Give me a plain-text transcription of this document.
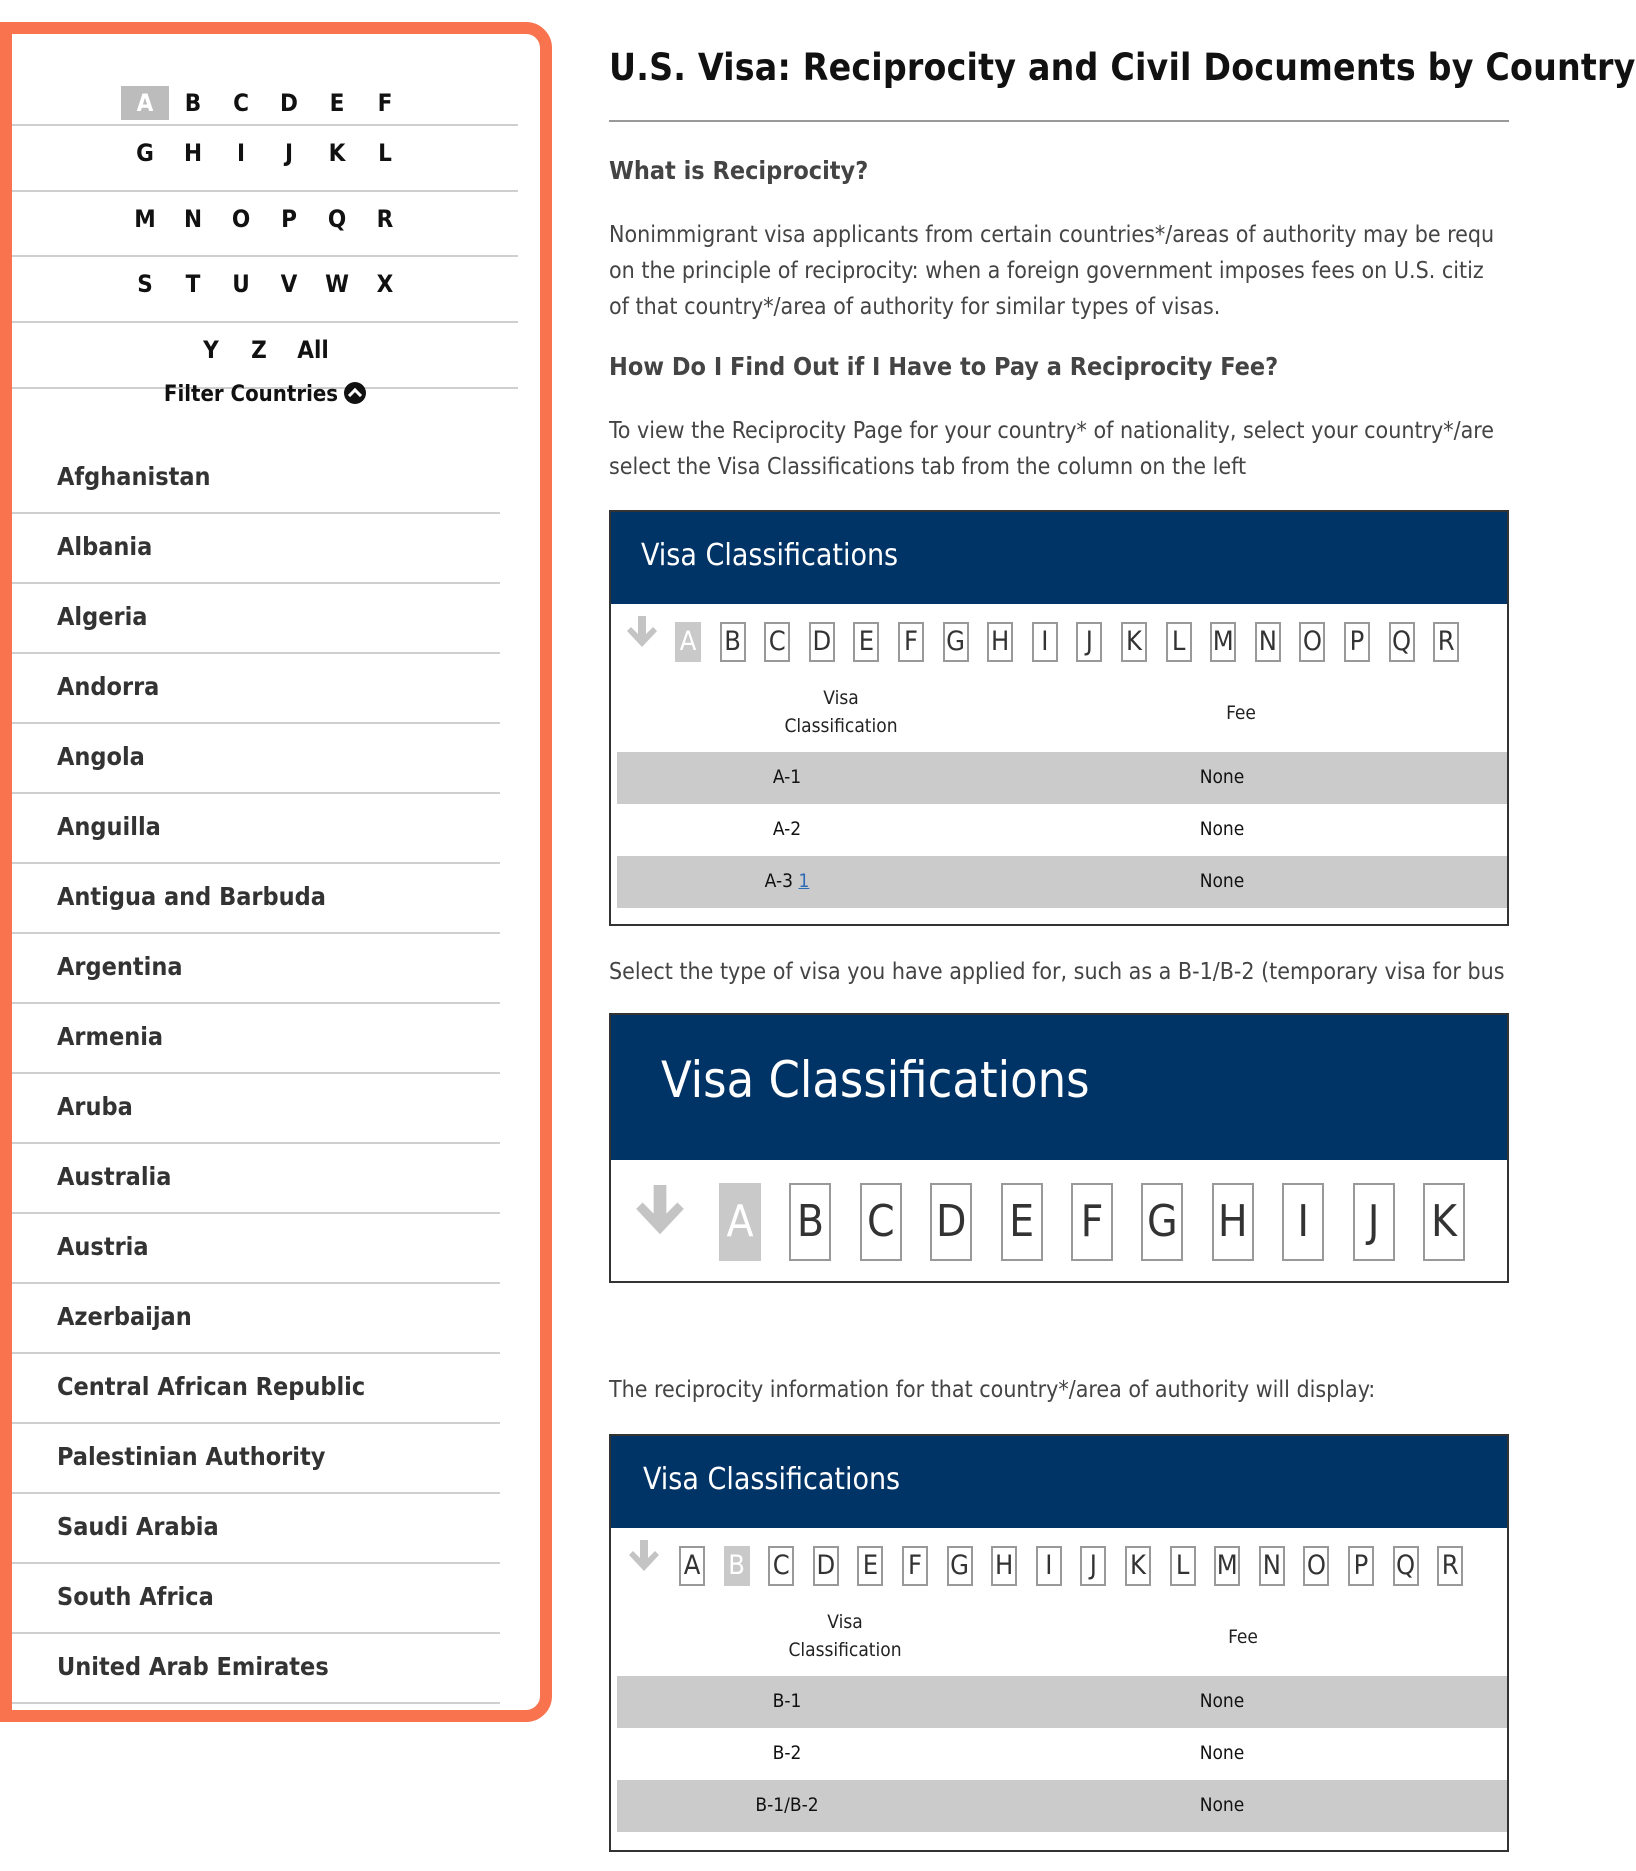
A	B	C	D	E	F
G	H	I	J	K	L
M	N	O	P	Q	R
S	T	U	V	W	X
Y	Z	All
Filter Countries
Afghanistan
Albania
Algeria
Andorra
Angola
Anguilla
Antigua and Barbuda
Argentina
Armenia
Aruba
Australia
Austria
Azerbaijan
Central African Republic
Palestinian Authority
Saudi Arabia
South Africa
United Arab Emirates
U.S. Visa: Reciprocity and Civil Documents by Country
What is Reciprocity?
Nonimmigrant visa applicants from certain countries*/areas of authority may be requ
on the principle of reciprocity: when a foreign government imposes fees on U.S. citiz
of that country*/area of authority for similar types of visas.
How Do I Find Out if I Have to Pay a Reciprocity Fee?
To view the Reciprocity Page for your country* of nationality, select your country*/are
select the Visa Classifications tab from the column on the left
Visa Classifications
A B C D E F G H	I	J	K L M N O P Q R
Visa
Classification
Fee
A-1	None
A-2	None
A-3 1	None
Select the type of visa you have applied for, such as a B-1/B-2 (temporary visa for bus
Visa Classifications
A B C D E F G H	I	J	K
The reciprocity information for that country*/area of authority will display:
Visa Classifications
A B C D E F G H	I	J	K L M N O P Q R
Visa
Classification
Fee
B-1	None
B-2	None
B-1/B-2	None
